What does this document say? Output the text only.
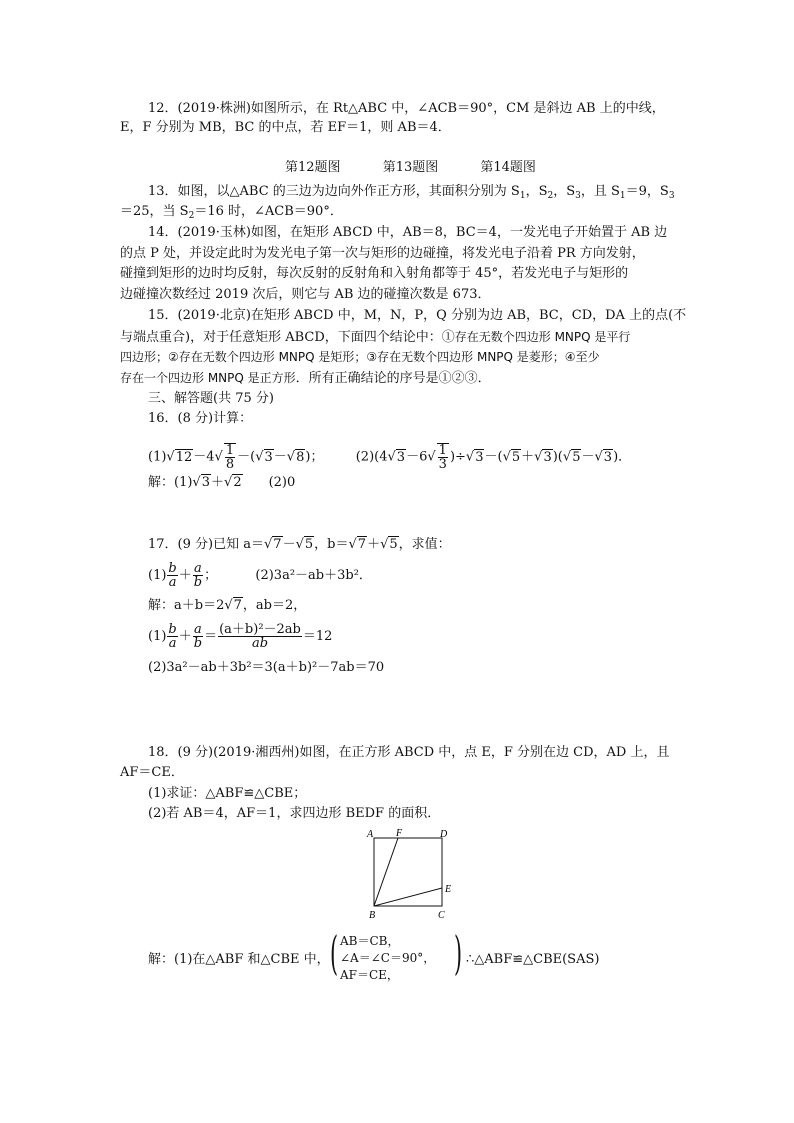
12．(2019·株洲)如图所示，在 Rt△ABC 中，∠ACB＝90°，CM 是斜边 AB 上的中线，
E，F 分别为 MB，BC 的中点，若 EF＝1，则 AB＝4．
第12题图	第13题图	第14题图
13．如图，以△ABC 的三边为边向外作正方形，其面积分别为 $S_1$，$S_2$，$S_3$，且 $S_1=9$，$S_3$
＝25，当 $S_2=16$ 时，∠ACB＝90°．
14．(2019·玉林)如图，在矩形 ABCD 中，AB＝8，BC＝4，一发光电子开始置于 AB 边
的点 P 处，并设定此时为发光电子第一次与矩形的边碰撞，将发光电子沿着 PR 方向发射，
碰撞到矩形的边时均反射，每次反射的反射角和入射角都等于 45°，若发光电子与矩形的
边碰撞次数经过 2019 次后，则它与 AB 边的碰撞次数是 673．
15．(2019·北京)在矩形 ABCD 中，M，N，P，Q 分别为边 AB，BC，CD，DA 上的点(不
与端点重合)，对于任意矩形 ABCD，下面四个结论中：①存在无数个四边形 MNPQ 是平行
四边形；②存在无数个四边形 MNPQ 是矩形；③存在无数个四边形 MNPQ 是菱形；④至少
存在一个四边形 MNPQ 是正方形．所有正确结论的序号是①②③．
三、解答题(共 75 分)
16．(8 分)计算：
$(1)√12-4√ \frac{1}{8} -(√3-√8)$； $(2)(4√3-6√ \frac{1}{3} )\div√3-(√5+√3)(√5-√3)$．
解：(1)√3＋√2　　(2)0
17．(9 分)已知 a＝√7－√5，b＝√7＋√5，求值：
$(1) \frac{b}{a} + \frac{a}{b}$ ；	(2)3a²－ab＋3b²．
解：a＋b＝2√7，ab＝2，
$(1) \frac{b}{a} + \frac{a}{b} = \frac{\text{(a＋b)²－2ab}}{ab} =12$
(2)3a²－ab＋3b²＝3(a＋b)²－7ab＝70
18．(9 分)(2019·湘西州)如图，在正方形 ABCD 中，点 E，F 分别在边 CD，AD 上，且
AF＝CE．
(1)求证：△ABF≌△CBE；
(2)若 AB＝4，AF＝1，求四边形 BEDF 的面积．
A F	D
E
B	C
解：(1)在△ABF 和△CBE 中， ( AB＝CB，
∠A＝∠C＝90°，
AF＝CE， ) ∴△ABF≌△CBE(SAS)
